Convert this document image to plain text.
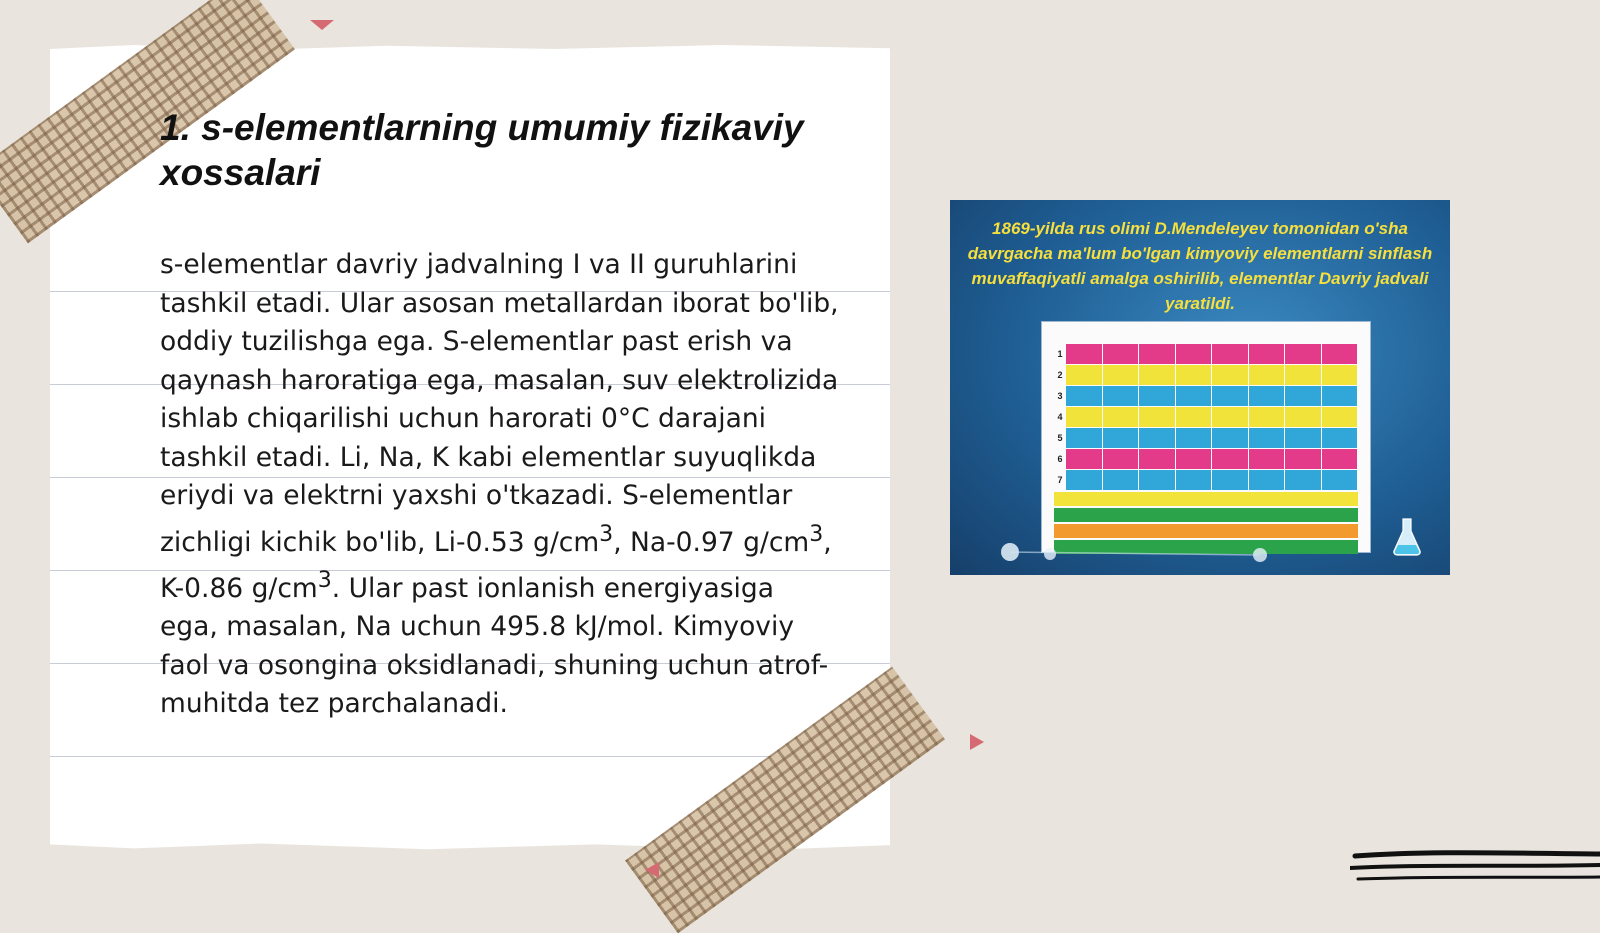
1. s-elementlarning umumiy fizikaviy xossalari

s-elementlar davriy jadvalning I va II guruhlarini tashkil etadi. Ular asosan metallardan iborat bo'lib, oddiy tuzilishga ega. S-elementlar past erish va qaynash haroratiga ega, masalan, suv elektrolizida ishlab chiqarilishi uchun harorati 0°C darajani tashkil etadi. Li, Na, K kabi elementlar suyuqlikda eriydi va elektrni yaxshi o'tkazadi. S-elementlar zichligi kichik bo'lib, Li-0.53 $g/cm^3$, Na-0.97 $g/cm^3$, K-0.86 $g/cm^3$. Ular past ionlanish energiyasiga ega, masalan, Na uchun 495.8 kJ/mol. Kimyoviy faol va osongina oksidlanadi, shuning uchun atrof-muhitda tez parchalanadi.

1869-yilda rus olimi D.Mendeleyev tomonidan o'sha davrgacha ma'lum bo'lgan kimyoviy elementlarni sinflash muvaffaqiyatli amalga oshirilib, elementlar Davriy jadvali yaratildi.
1
2
3
4
5
6
7
